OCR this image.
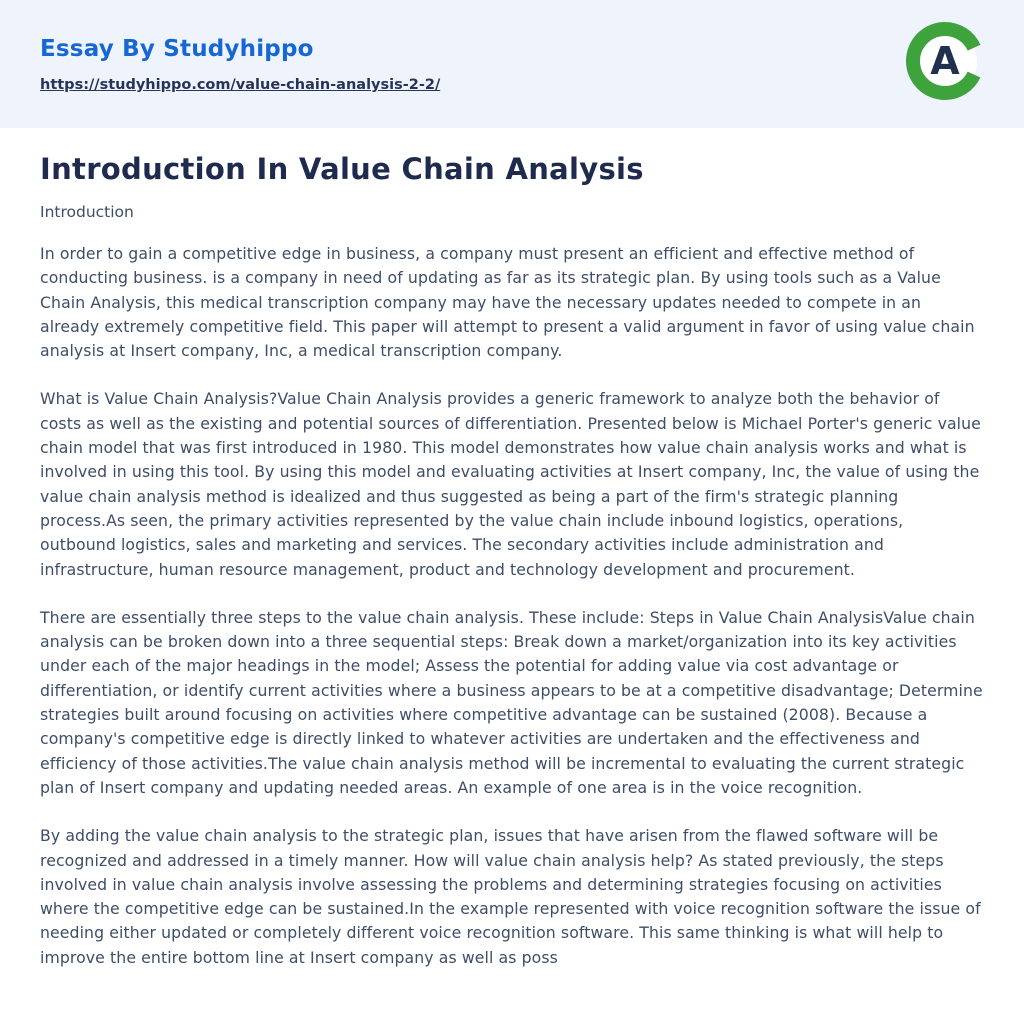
Essay By Studyhippo
https://studyhippo.com/value-chain-analysis-2-2/
A
Introduction In Value Chain Analysis

Introduction

In order to gain a competitive edge in business, a company must present an efficient and effective method of conducting business. is a company in need of updating as far as its strategic plan. By using tools such as a Value Chain Analysis, this medical transcription company may have the necessary updates needed to compete in an already extremely competitive field. This paper will attempt to present a valid argument in favor of using value chain analysis at Insert company, Inc, a medical transcription company.

What is Value Chain Analysis?Value Chain Analysis provides a generic framework to analyze both the behavior of costs as well as the existing and potential sources of differentiation. Presented below is Michael Porter's generic value chain model that was first introduced in 1980. This model demonstrates how value chain analysis works and what is involved in using this tool. By using this model and evaluating activities at Insert company, Inc, the value of using the value chain analysis method is idealized and thus suggested as being a part of the firm's strategic planning process.As seen, the primary activities represented by the value chain include inbound logistics, operations, outbound logistics, sales and marketing and services. The secondary activities include administration and infrastructure, human resource management, product and technology development and procurement.

There are essentially three steps to the value chain analysis. These include: Steps in Value Chain AnalysisValue chain analysis can be broken down into a three sequential steps: Break down a market/organization into its key activities under each of the major headings in the model; Assess the potential for adding value via cost advantage or differentiation, or identify current activities where a business appears to be at a competitive disadvantage; Determine strategies built around focusing on activities where competitive advantage can be sustained (2008). Because a company's competitive edge is directly linked to whatever activities are undertaken and the effectiveness and efficiency of those activities.The value chain analysis method will be incremental to evaluating the current strategic plan of Insert company and updating needed areas. An example of one area is in the voice recognition.

By adding the value chain analysis to the strategic plan, issues that have arisen from the flawed software will be recognized and addressed in a timely manner. How will value chain analysis help? As stated previously, the steps involved in value chain analysis involve assessing the problems and determining strategies focusing on activities where the competitive edge can be sustained.In the example represented with voice recognition software the issue of needing either updated or completely different voice recognition software. This same thinking is what will help to improve the entire bottom line at Insert company as well as poss
